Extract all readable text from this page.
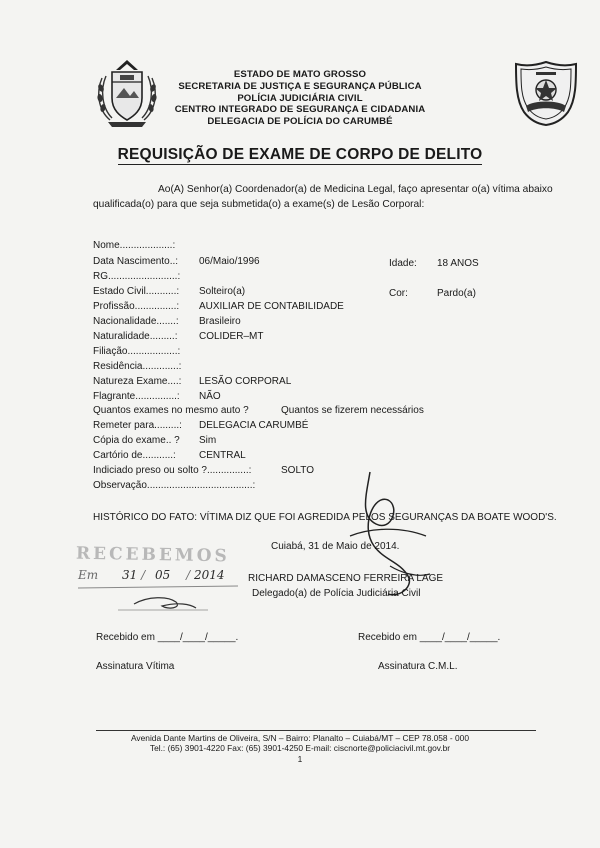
ESTADO DE MATO GROSSO
SECRETARIA DE JUSTIÇA E SEGURANÇA PÚBLICA
POLÍCIA JUDICIÁRIA CIVIL
CENTRO INTEGRADO DE SEGURANÇA E CIDADANIA
DELEGACIA DE POLÍCIA DO CARUMBÉ
REQUISIÇÃO DE EXAME DE CORPO DE DELITO
Ao(A) Senhor(a) Coordenador(a) de Medicina Legal, faço apresentar o(a) vítima abaixo
qualificada(o) para que seja submetida(o) a exame(s) de Lesão Corporal:
Nome...................:
Data Nascimento..: 06/Maio/1996	Idade: 18 ANOS
RG.........................:
Estado Civil...........: Solteiro(a)	Cor:	Pardo(a)
Profissão...............: AUXILIAR DE CONTABILIDADE
Nacionalidade.......: Brasileiro
Naturalidade.........: COLIDER–MT
Filiação..................:
Residência.............:
Natureza Exame....: LESÃO CORPORAL
Flagrante...............: NÃO
Quantos exames no mesmo auto ?	Quantos se fizerem necessários
Remeter para.........: DELEGACIA CARUMBÉ
Cópia do exame.. ? Sim
Cartório de...........: CENTRAL
Indiciado preso ou solto ?...............:	SOLTO
Observação......................................:
HISTÓRICO DO FATO: VÍTIMA DIZ QUE FOI AGREDIDA PELOS SEGURANÇAS DA BOATE WOOD'S.
Cuiabá, 31 de Maio de 2014.
RECEBEMOS
Em 31 / 05 / 2014 RICHARD DAMASCENO FERREIRA LAGE
Delegado(a) de Polícia Judiciária Civil
Recebido em ____/____/_____.	Recebido em ____/____/_____.
Assinatura Vítima	Assinatura C.M.L.
Avenida Dante Martins de Oliveira, S/N – Bairro: Planalto – Cuiabá/MT – CEP 78.058 - 000
Tel.: (65) 3901-4220 Fax: (65) 3901-4250 E-mail: ciscnorte@policiacivil.mt.gov.br
1
